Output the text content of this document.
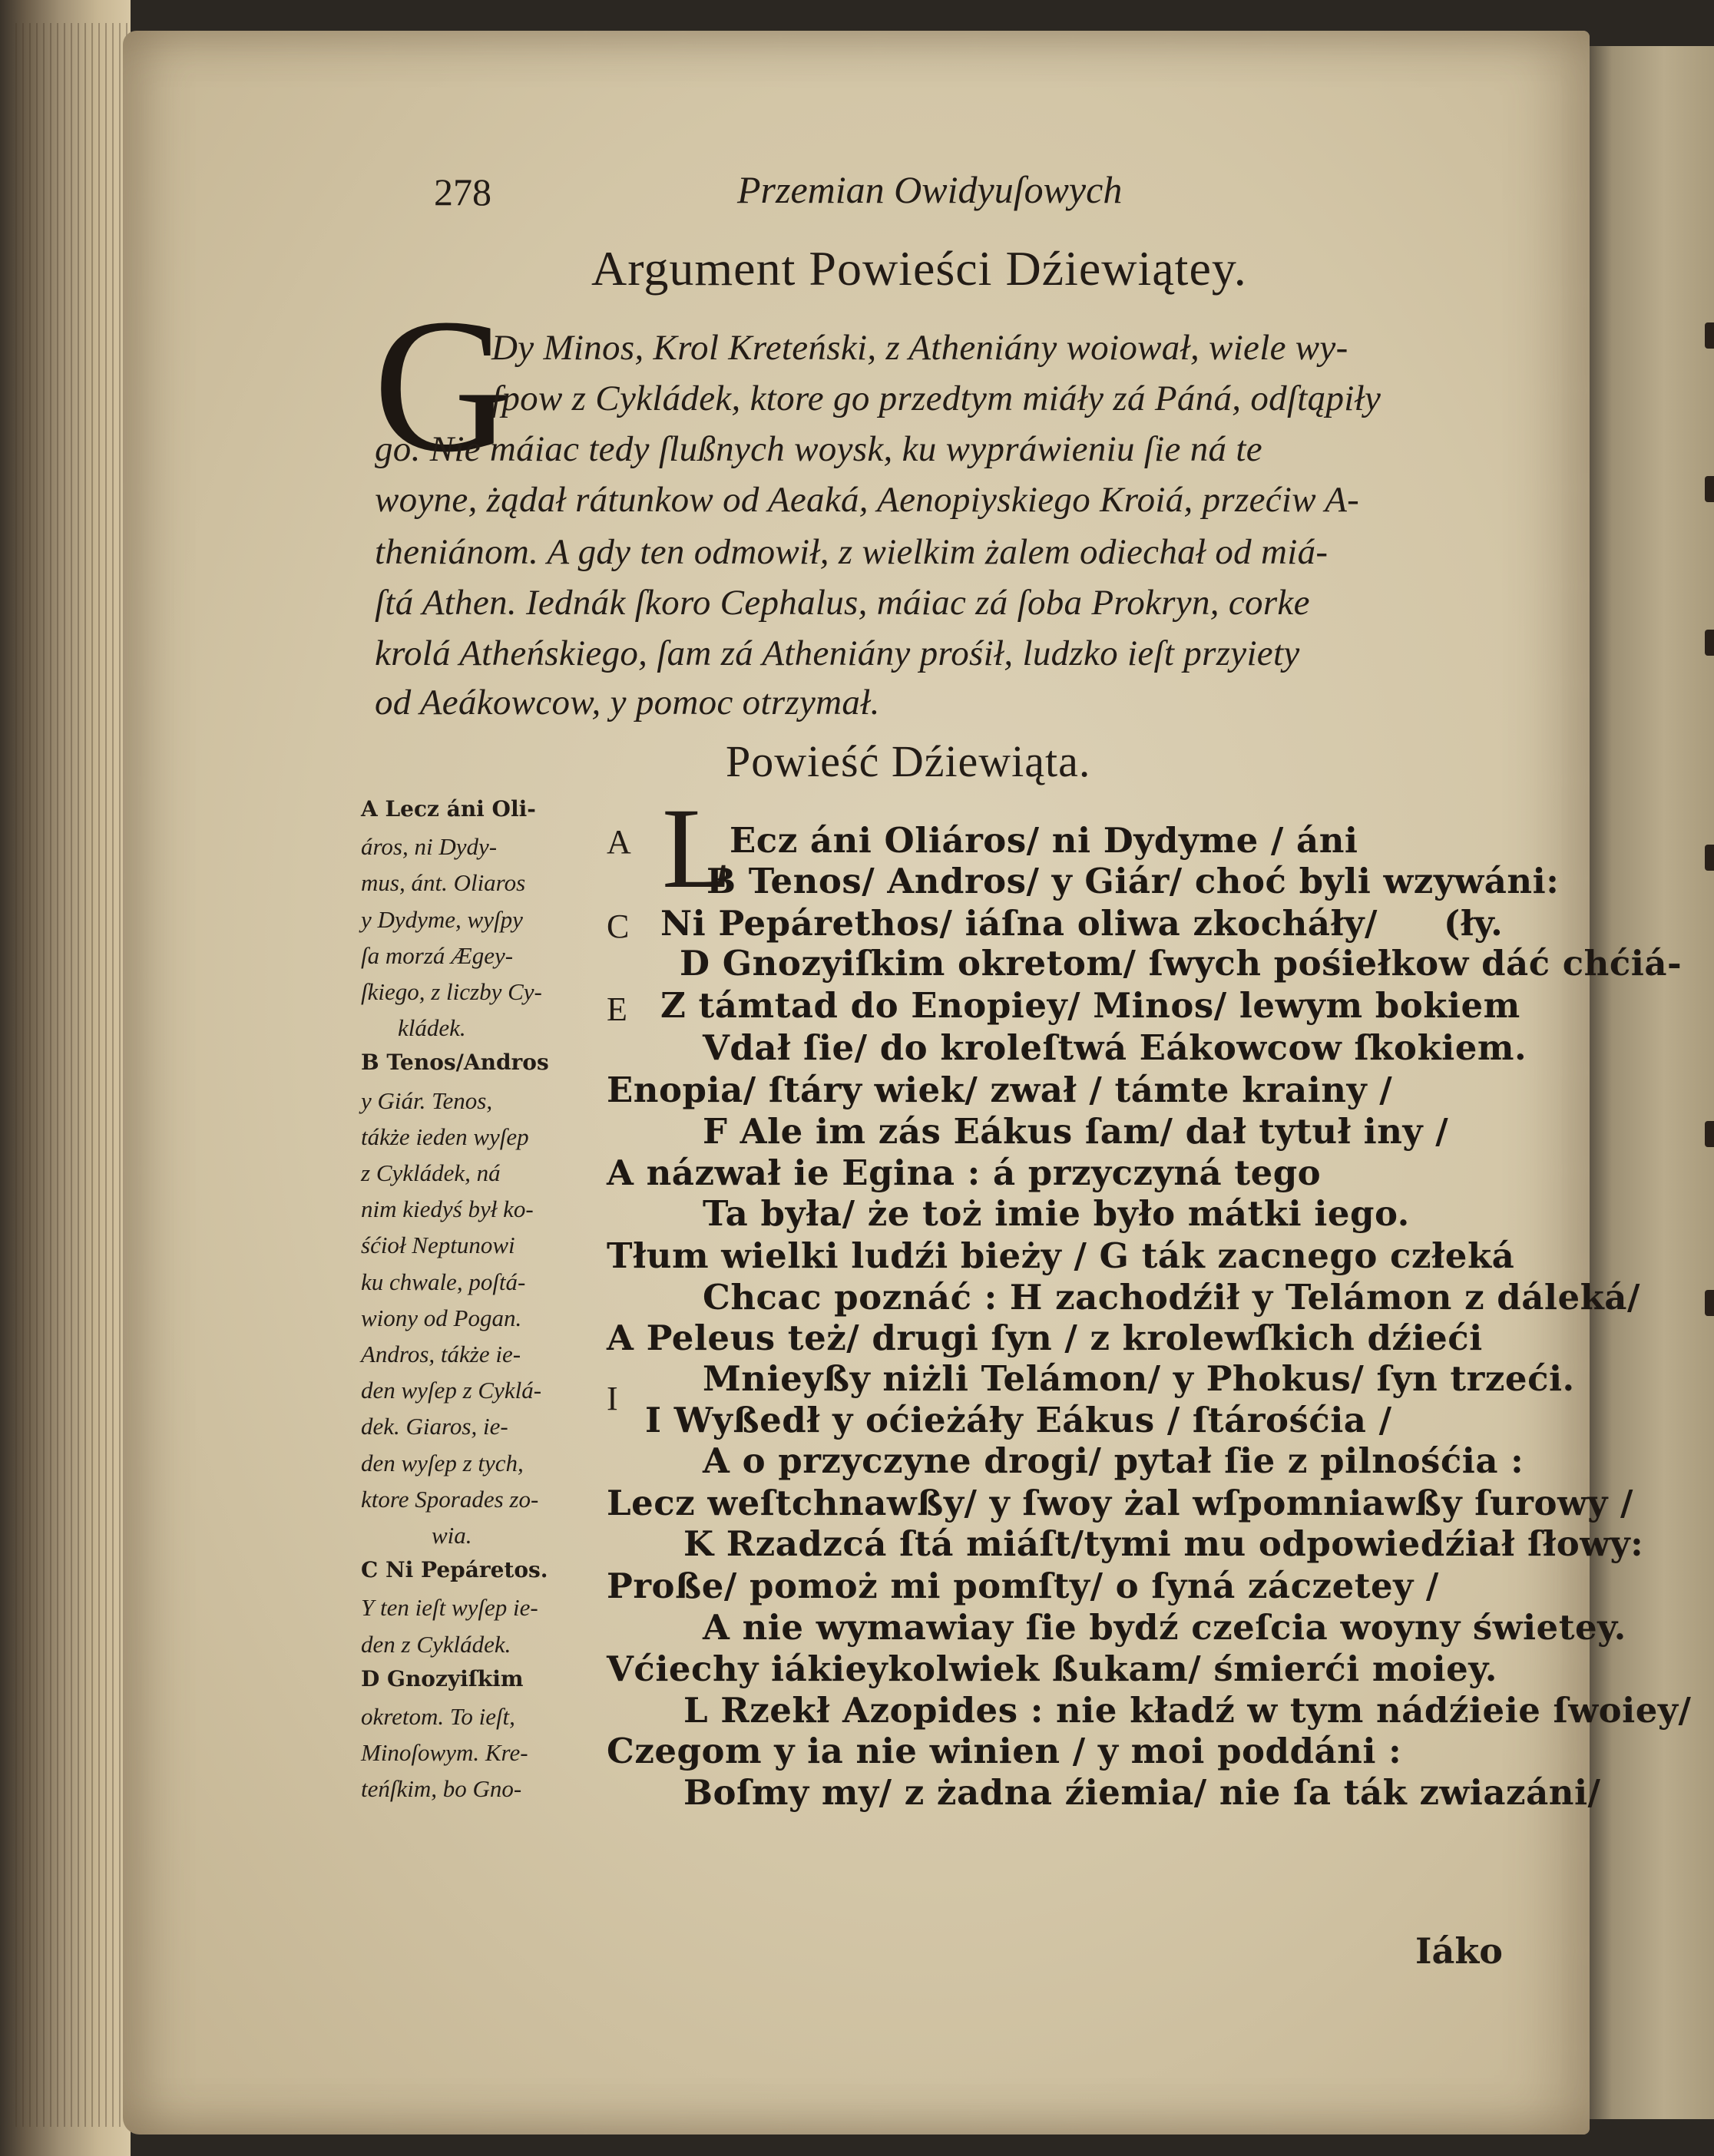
278	Przemian Owidyuſowych
Argument Powieści Dźiewiątey.
G
Dy Minos, Krol Kreteński, z Atheniány woiował, wiele wy-
ſpow z Cykládek, ktore go przedtym miáły zá Páná, odſtąpiły
go. Nie máiac tedy ſlußnych woysk, ku wypráwieniu ſie ná te
woyne, żądał rátunkow od Aeaká, Aenopiyskiego Kroiá, przećiw A-
theniánom. A gdy ten odmowił, z wielkim żalem odiechał od miá-
ſtá Athen. Iednák ſkoro Cephalus, máiac zá ſoba Prokryn, corke
krolá Atheńskiego, ſam zá Atheniány prośił, ludzko ieſt przyiety
od Aeákowcow, y pomoc otrzymał.
Powieść Dźiewiąta.
A Lecz áni Oli-
áros, ni Dydy-
mus, ánt. Oliaros
y Dydyme, wyſpy
ſa morzá Ægey-
ſkiego, z liczby Cy-
kládek.
B Tenos/Andros
y Giár. Tenos,
tákże ieden wyſep
z Cykládek, ná
nim kiedyś był ko-
śćioł Neptunowi
ku chwale, poſtá-
wiony od Pogan.
Andros, tákże ie-
den wyſep z Cyklá-
dek. Giaros, ie-
den wyſep z tych,
ktore Sporades zo-
wia.
C Ni Pepáretos.
Y ten ieſt wyſep ie-
den z Cykládek.
D Gnozyiſkim
okretom. To ieſt,
Minoſowym. Kre-
teńſkim, bo Gno-
L
A
C
E
I
Ecz áni Oliáros/ ni Dydyme / áni
B Tenos/ Andros/ y Giár/ choć byli wzywáni:
Ni Pepárethos/ iáſna oliwa zkocháły/ (ły.
D Gnozyiſkim okretom/ ſwych pośiełkow dáć chćiá-
Z támtad do Enopiey/ Minos/ lewym bokiem
Vdał ſie/ do kroleſtwá Eákowcow ſkokiem.
Enopia/ ſtáry wiek/ zwał / támte krainy /
F Ale im zás Eákus ſam/ dał tytuł iny /
A názwał ie Egina : á przyczyná tego
Ta była/ że toż imie było mátki iego.
Tłum wielki ludźi bieży / G ták zacnego człeká
Chcac poznáć : H zachodźił y Telámon z dáleká/
A Peleus też/ drugi ſyn / z krolewſkich dźieći
Mnieyßy niżli Telámon/ y Phokus/ ſyn trzeći.
I Wyßedł y oćieżáły Eákus / ſtárośćia /
A o przyczyne drogi/ pytał ſie z pilnośćia :
Lecz weſtchnawßy/ y ſwoy żal wſpomniawßy ſurowy /
K Rzadzcá ſtá miáſt/tymi mu odpowiedźiał ſłowy:
Proße/ pomoż mi pomſty/ o ſyná záczetey /
A nie wymawiay ſie bydź czeſcia woyny świetey.
Vćiechy iákieykolwiek ßukam/ śmierći moiey.
L Rzekł Azopides : nie kładź w tym nádźieie ſwoiey/
Czegom y ia nie winien / y moi poddáni :
Boſmy my/ z żadna źiemia/ nie ſa ták zwiazáni/
Iáko
